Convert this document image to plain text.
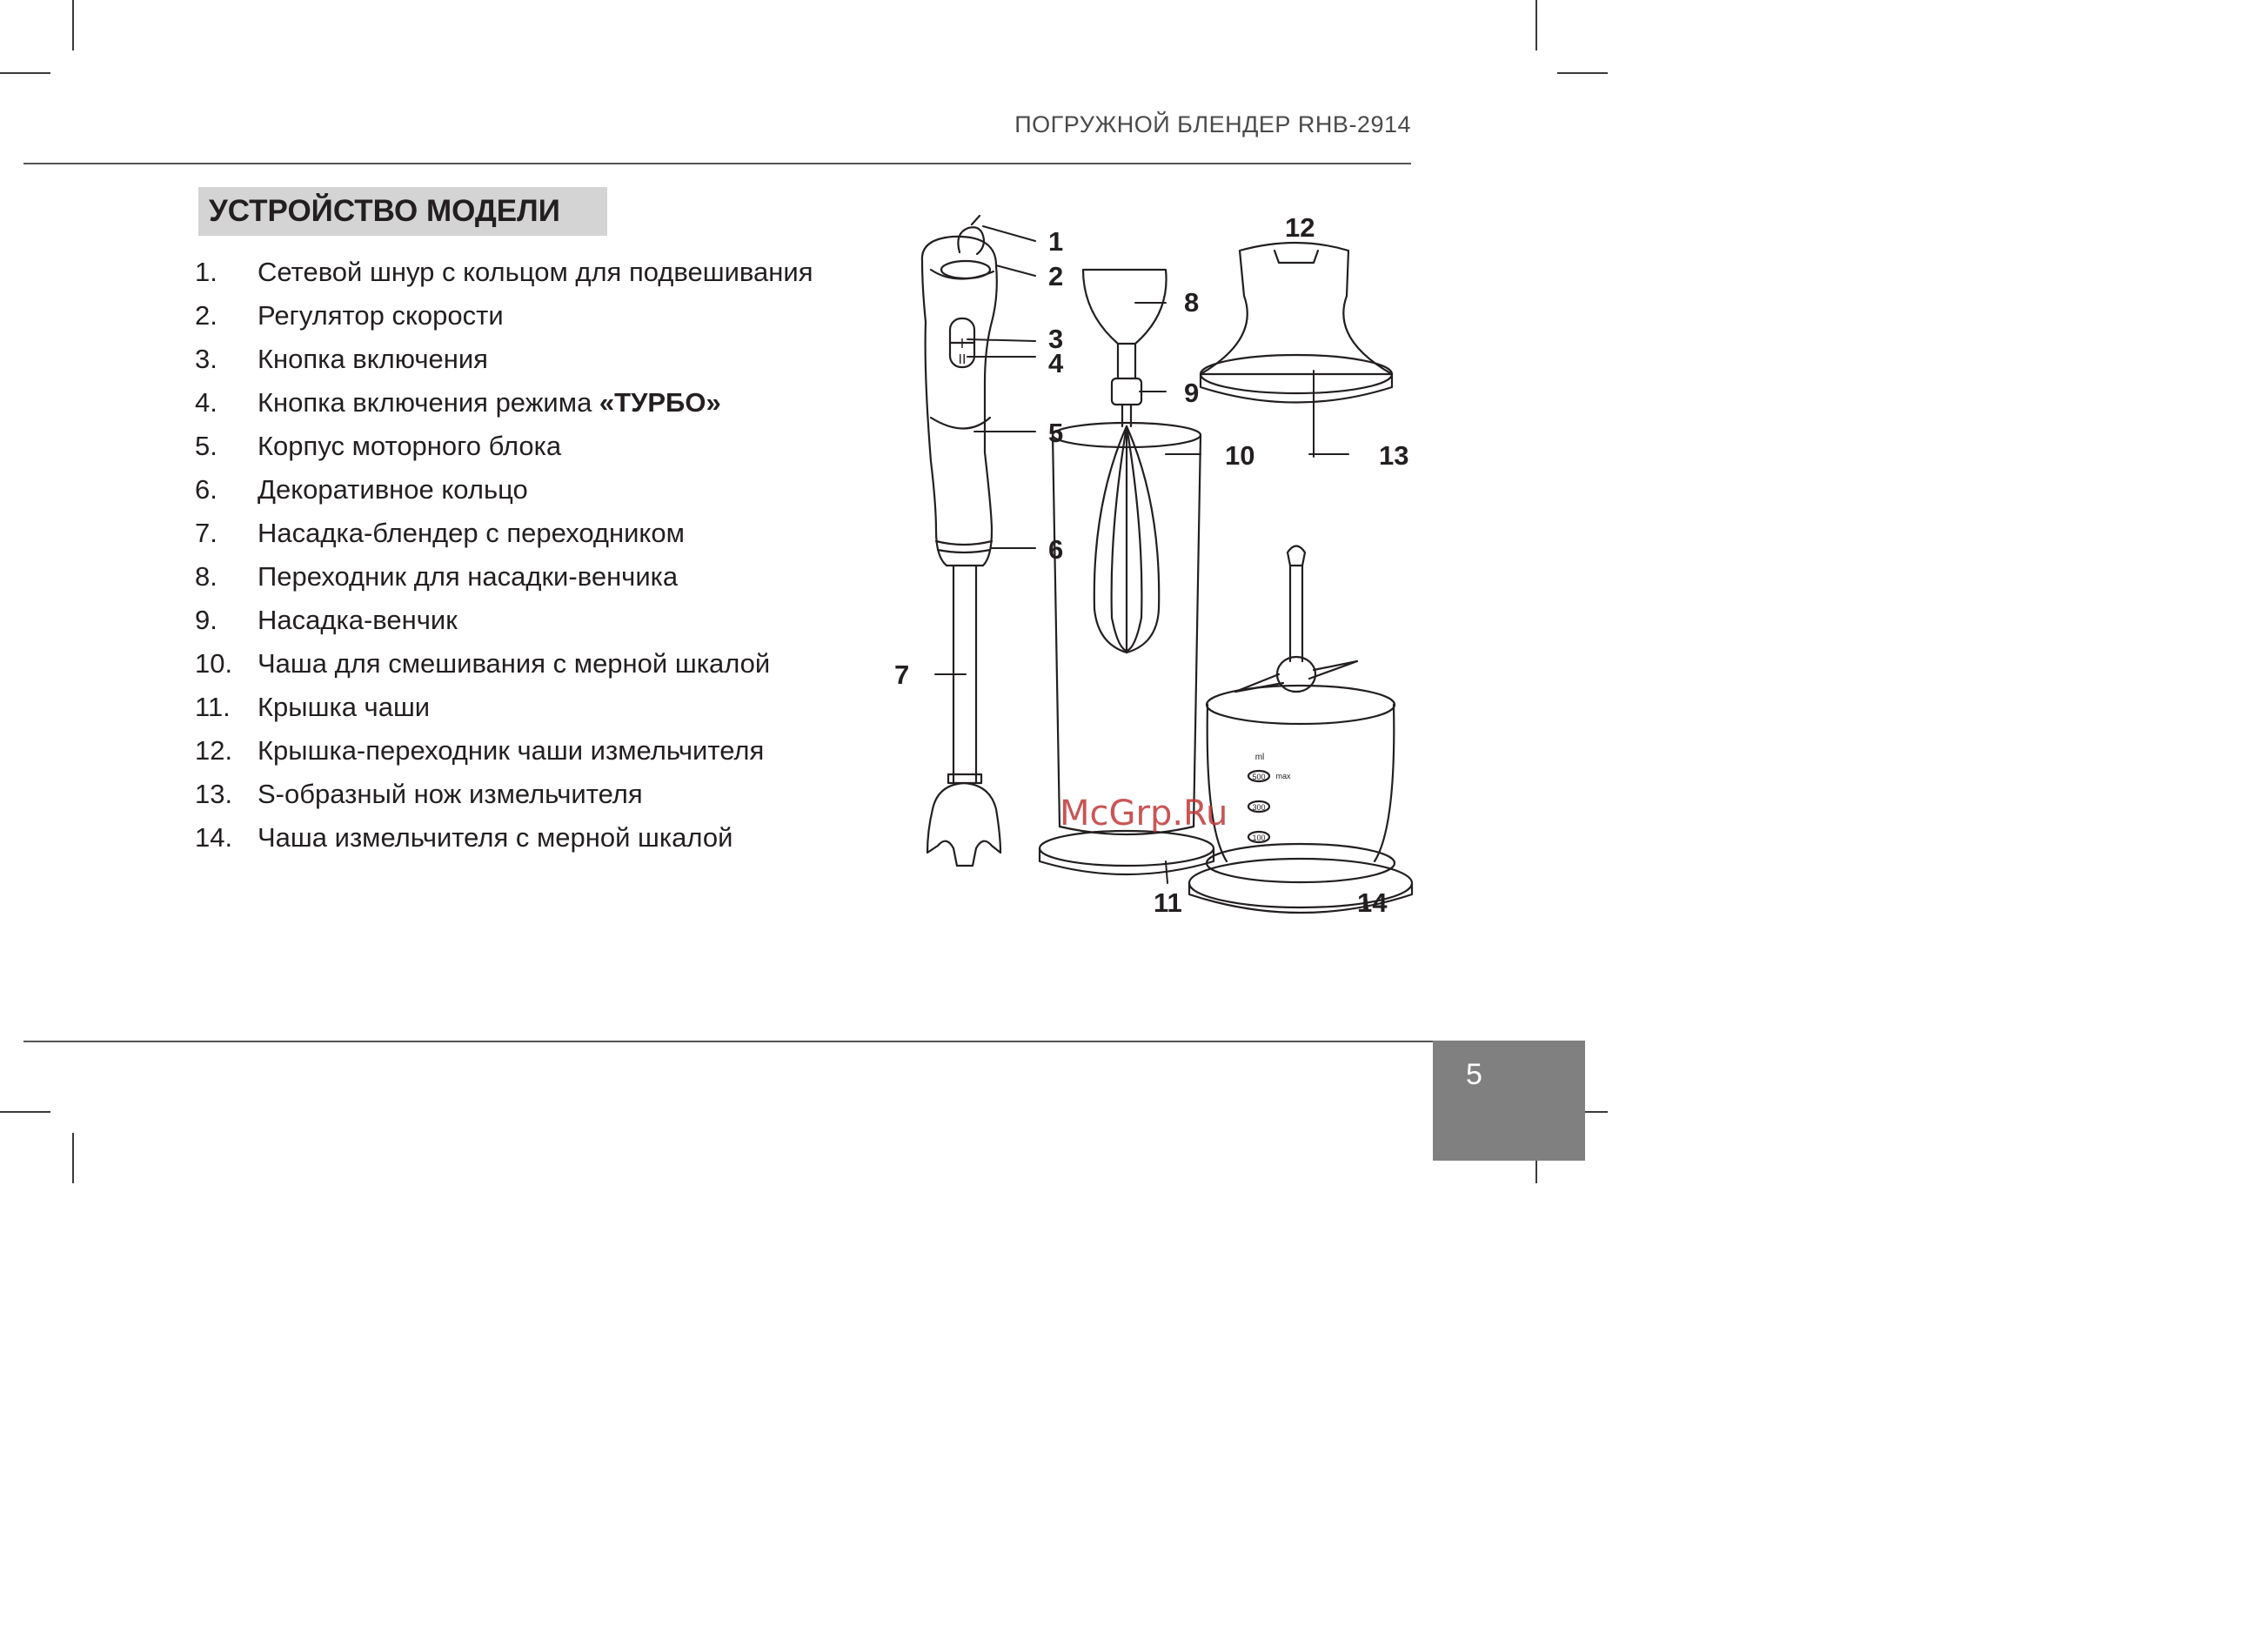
ПОГРУЖНОЙ БЛЕНДЕР RHB-2914
УСТРОЙСТВО МОДЕЛИ
1.	Сетевой шнур с кольцом для подвешивания
2.	Регулятор скорости
3.	Кнопка включения
4.	Кнопка включения режима «ТУРБО»
5.	Корпус моторного блока
6.	Декоративное кольцо
7.	Насадка-блендер с переходником
8.	Переходник для насадки-венчика
9.	Насадка-венчик
10. Чаша для смешивания с мерной шкалой
11.	Крышка чаши
12. Крышка-переходник чаши измельчителя
13. S-образный нож измельчителя
14. Чаша измельчителя с мерной шкалой
I
II
ml
500 max
300
100
1
2
3
4
5
6
7
8
9
10
11
12
13
14
McGrp.Ru
5
